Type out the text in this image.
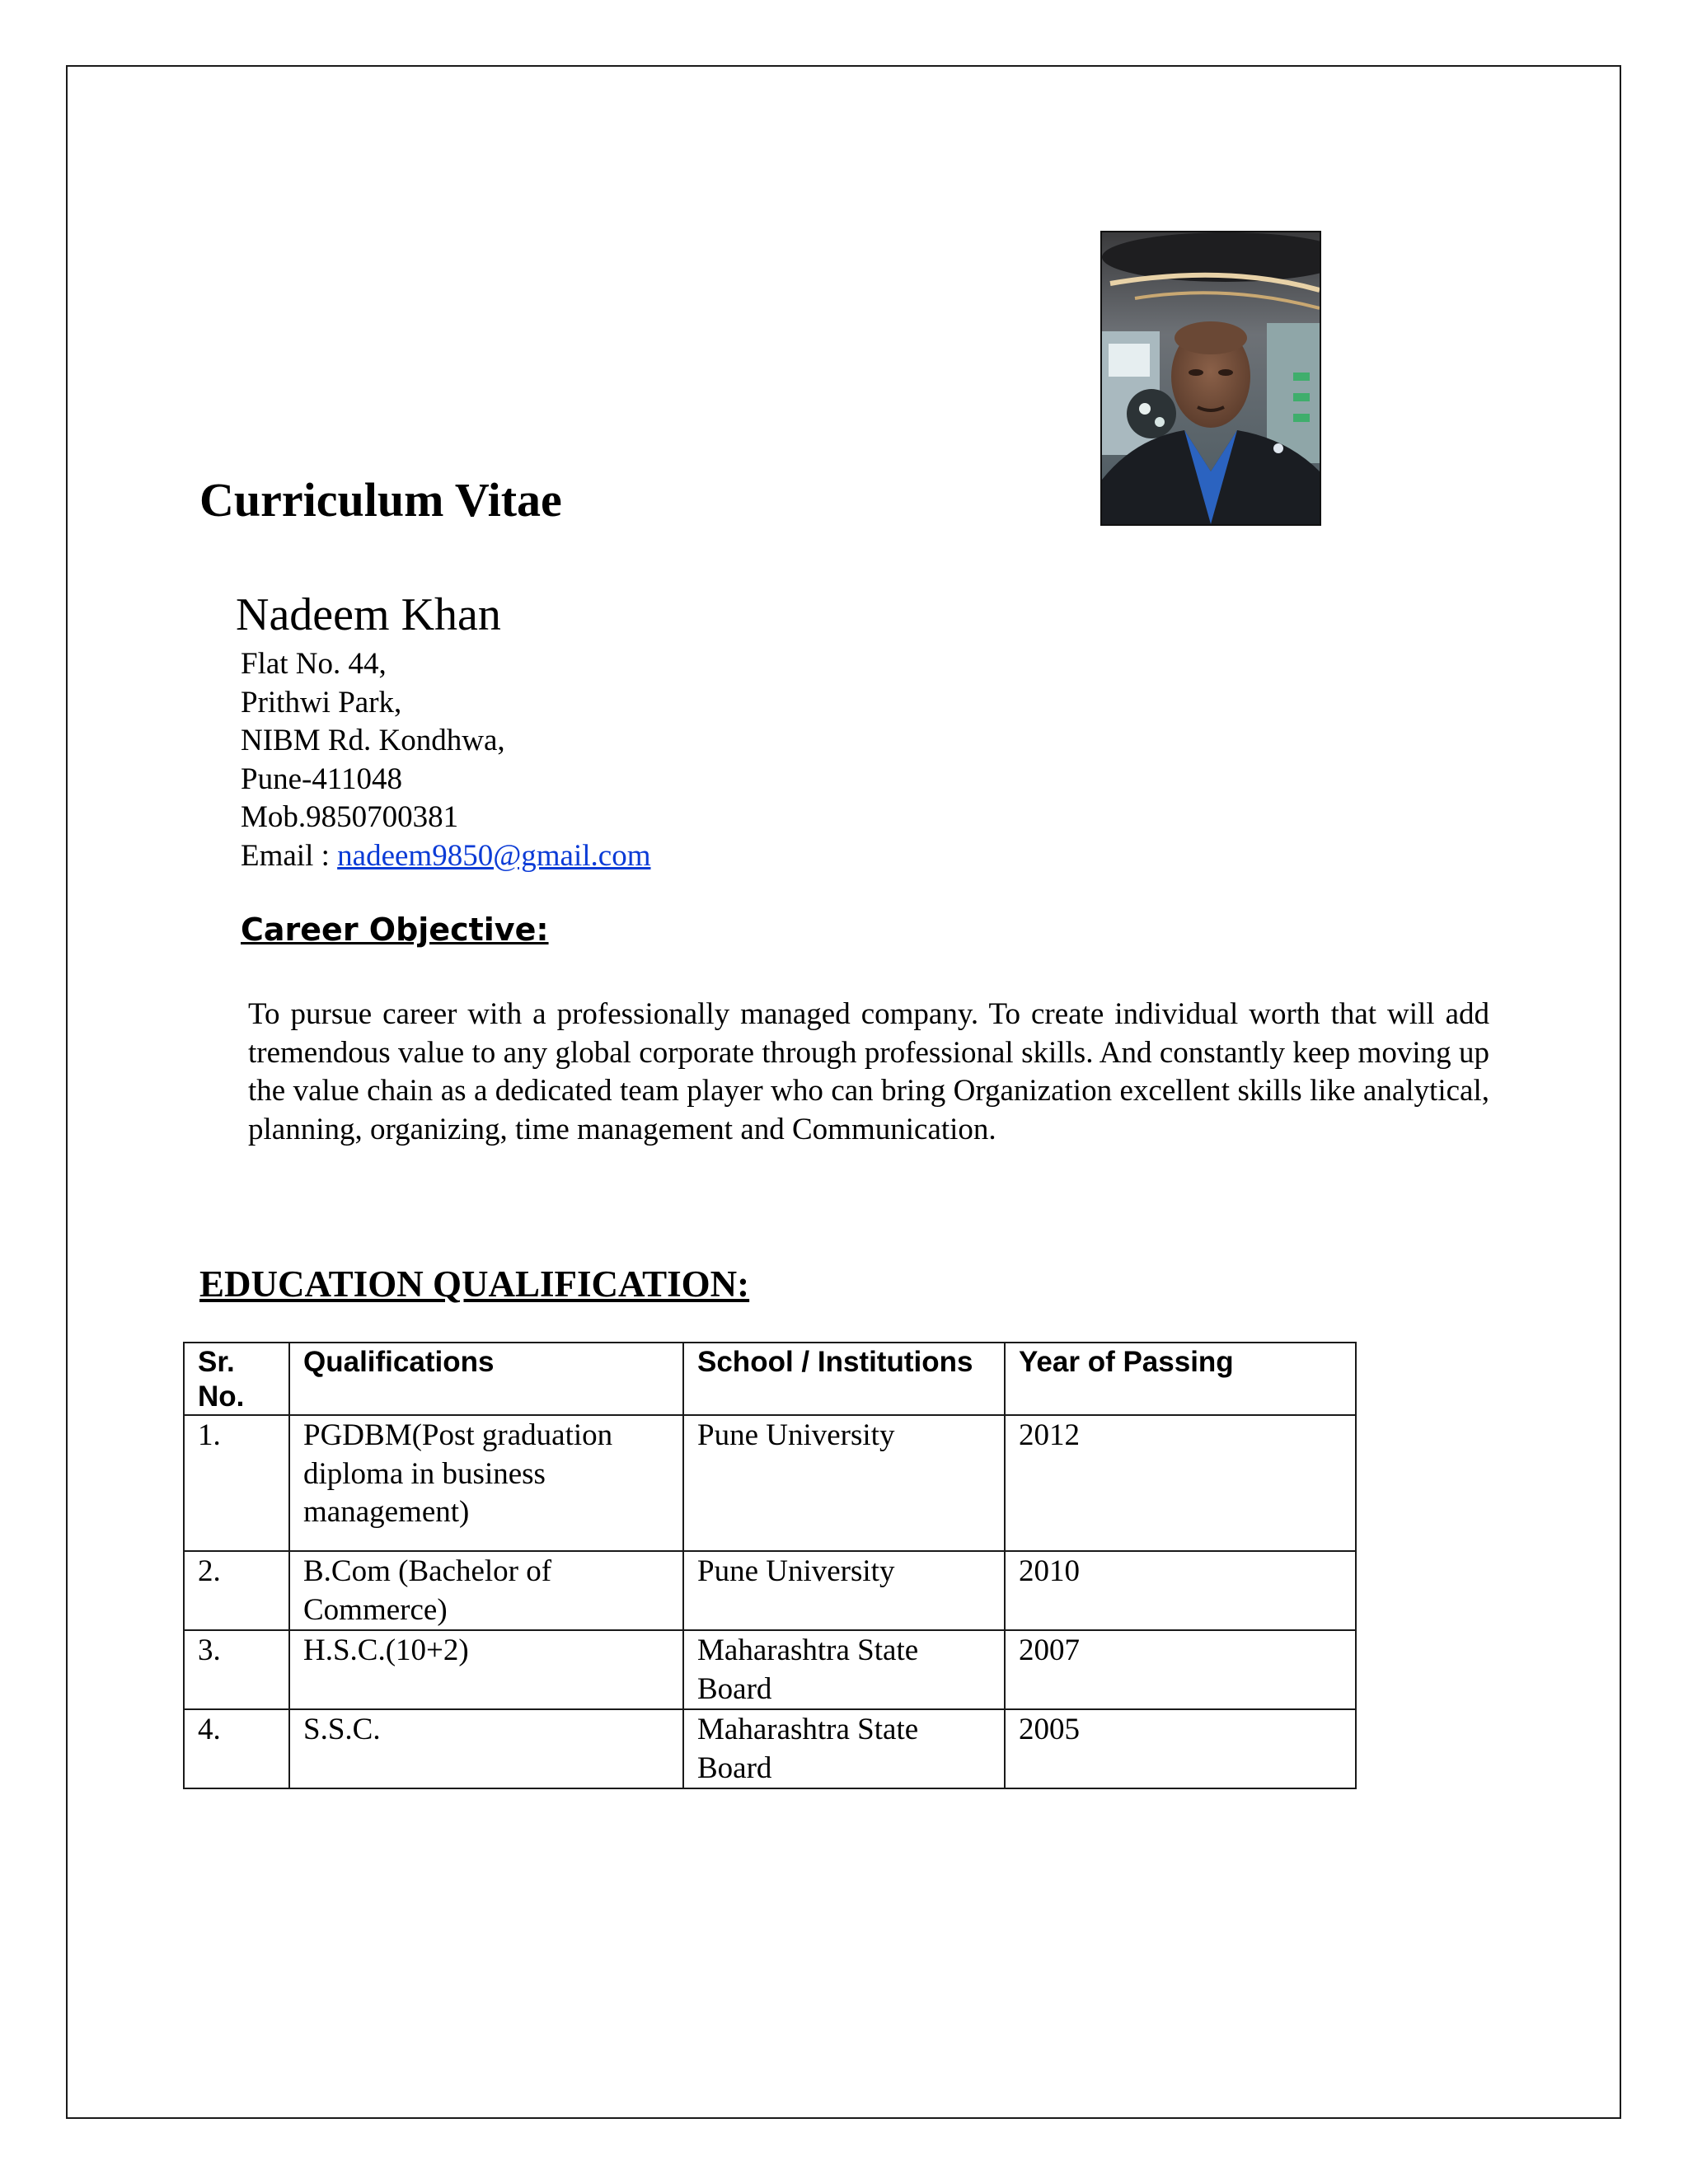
Curriculum Vitae
Nadeem Khan
Flat No. 44,
Prithwi Park,
NIBM Rd. Kondhwa,
Pune-411048
Mob.9850700381
Email : nadeem9850@gmail.com
Career Objective:
To pursue career with a professionally managed company. To create individual worth that will add tremendous value to any global corporate through professional skills. And constantly keep moving up the value chain as a dedicated team player who can bring Organization excellent skills like analytical, planning, organizing, time management and Communication.
EDUCATION QUALIFICATION:
Sr. No.	Qualifications	School / Institutions	Year of Passing
1.	PGDBM(Post graduation diploma in business management)	Pune University	2012
2.	B.Com (Bachelor of Commerce)	Pune University	2010
3.	H.S.C.(10+2)	Maharashtra State Board	2007
4.	S.S.C.	Maharashtra State Board	2005
